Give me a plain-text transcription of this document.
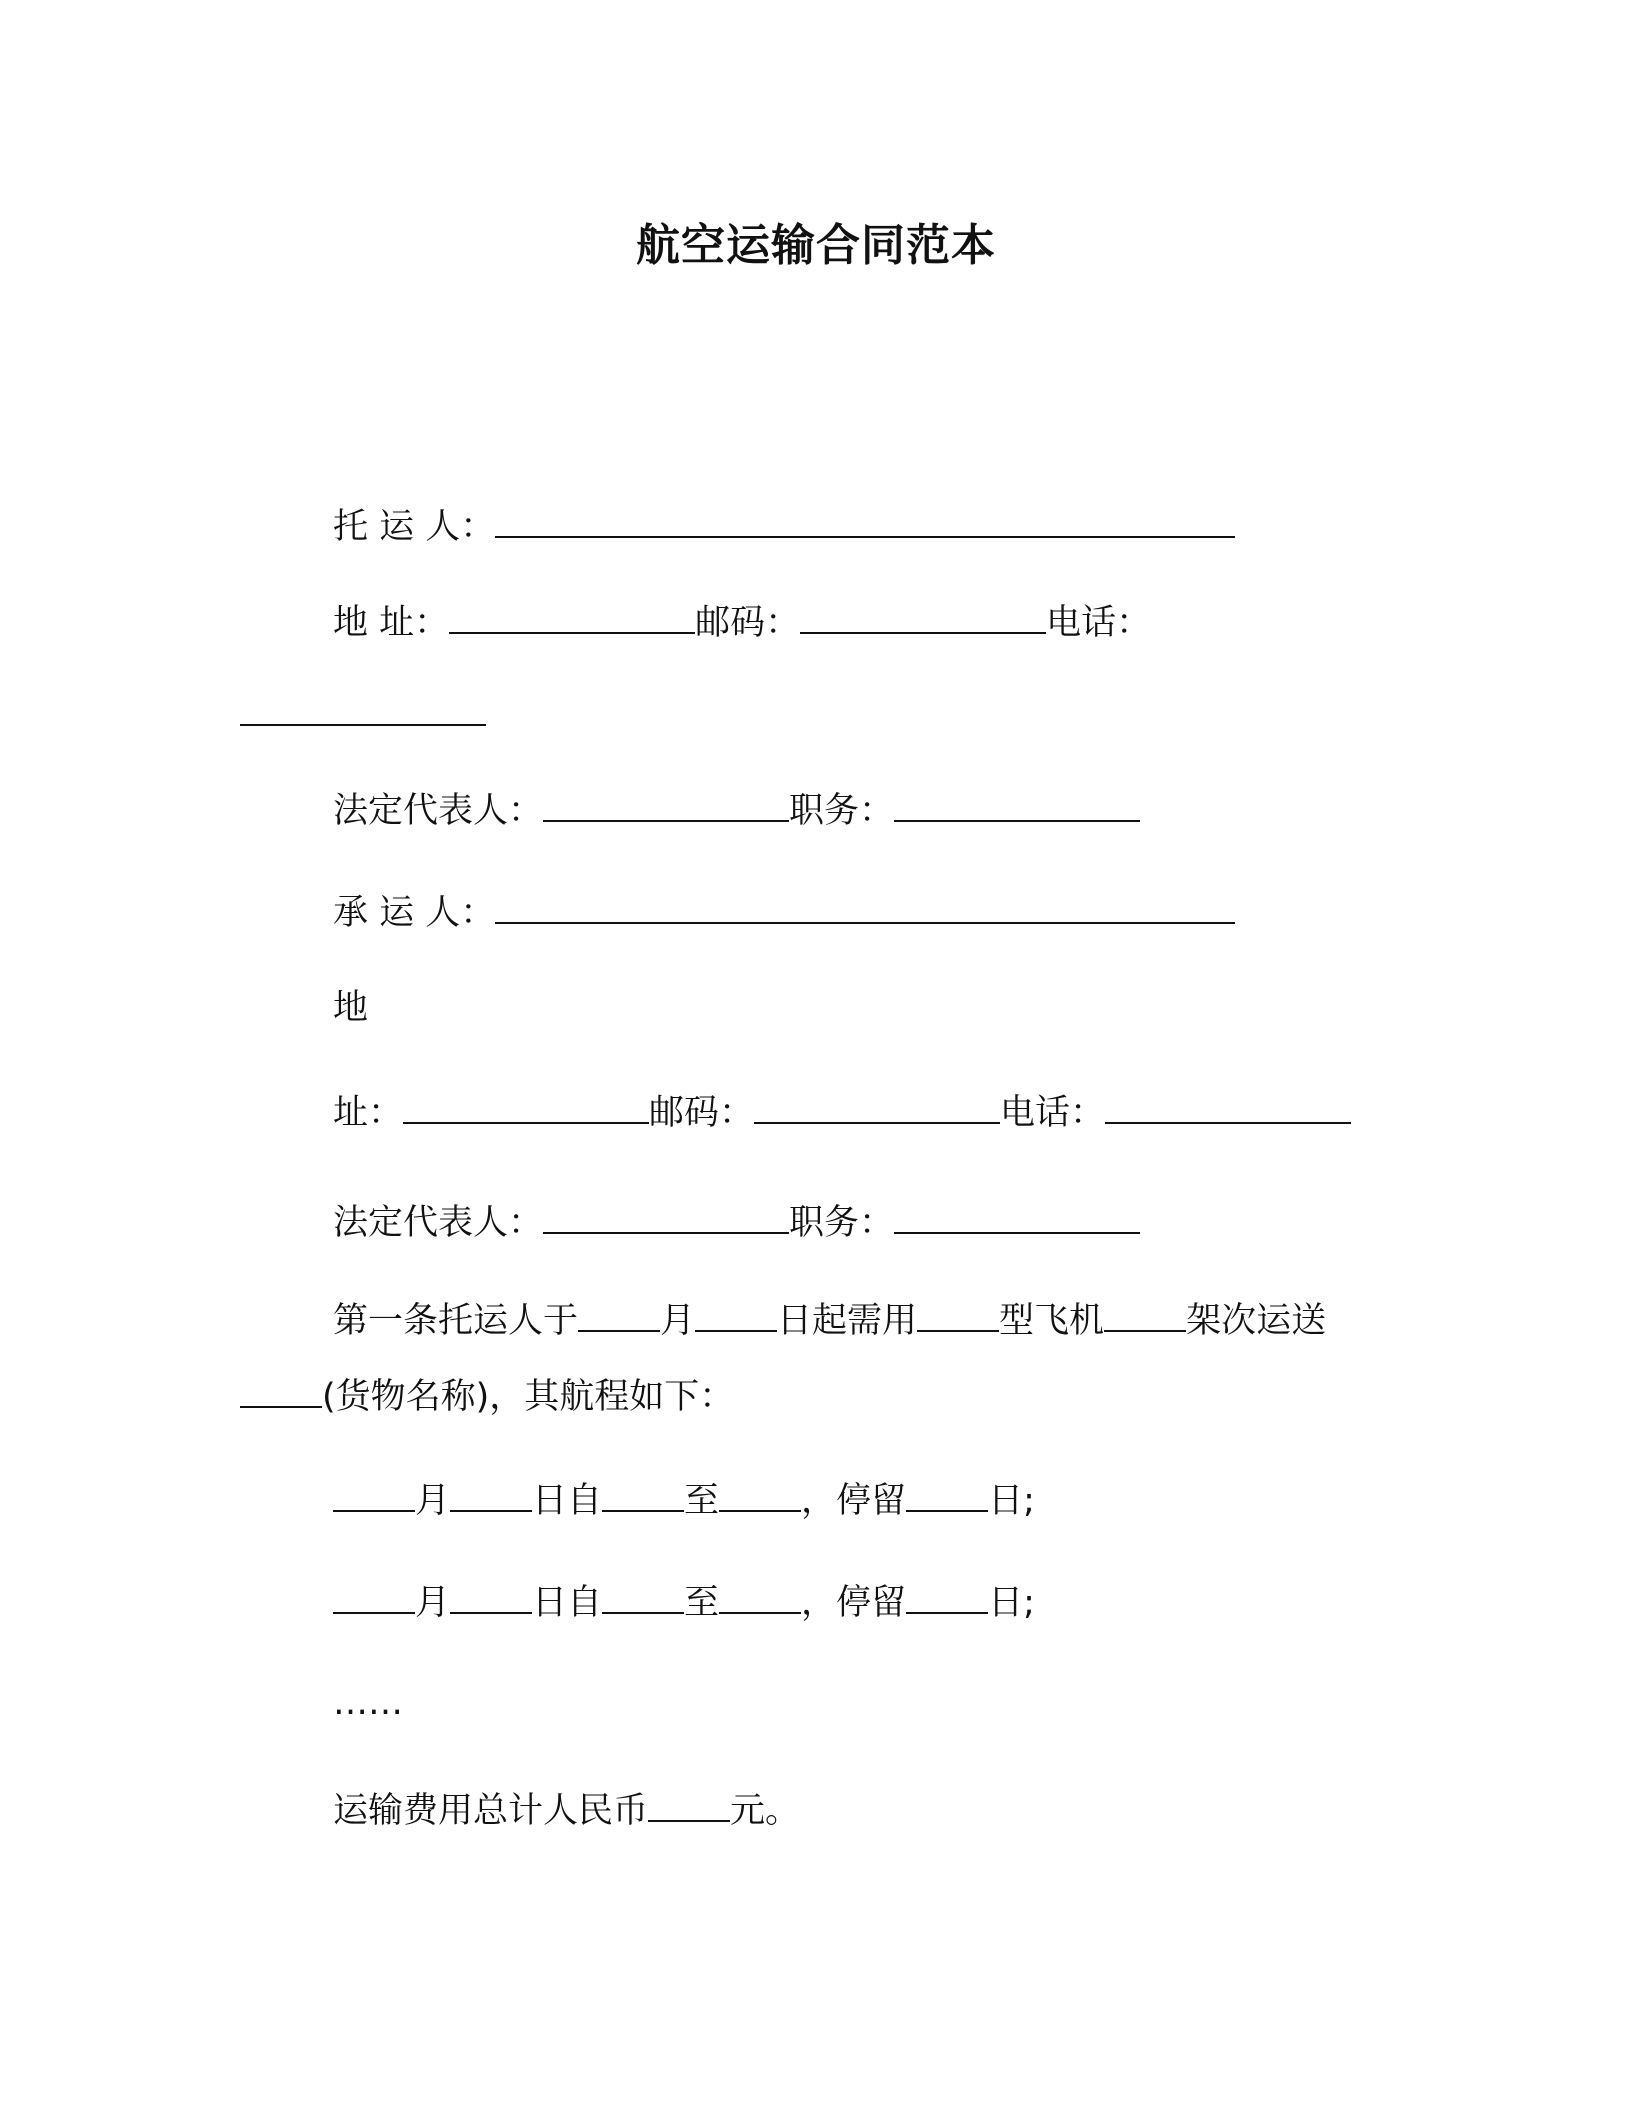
航空运输合同范本
托 运 人：
地 址：	邮码：	电话：
法定代表人：	职务：
承 运 人：
地
址：	邮码：	电话：
法定代表人：	职务：
第一条托运人于 月 日起需用 型飞机 架次运送
(货物名称)，其航程如下：
月 日自 至 ，停留 日;
月 日自 至 ，停留 日;
……
运输费用总计人民币 元。
